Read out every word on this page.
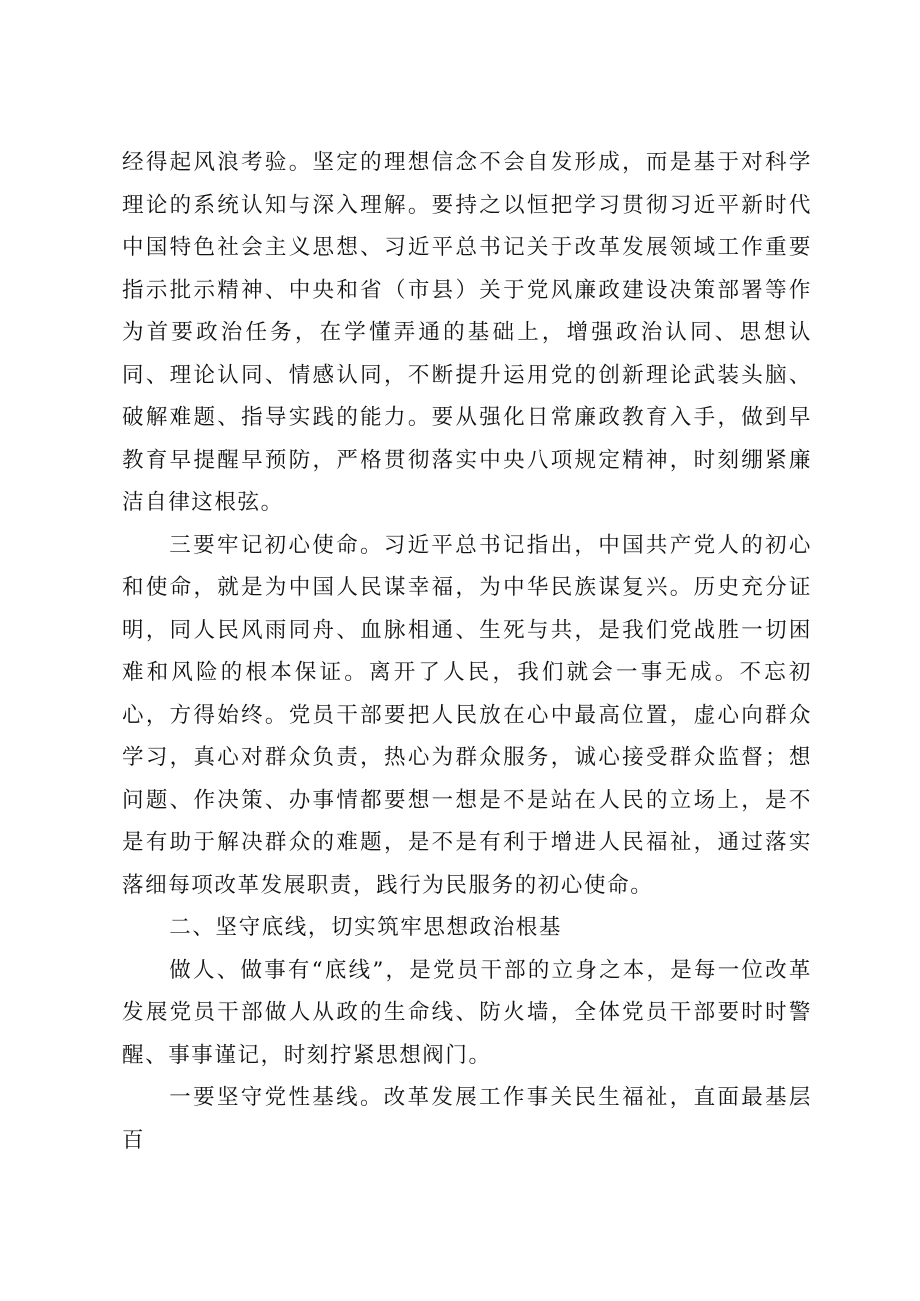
经得起风浪考验。坚定的理想信念不会自发形成，而是基于对科学理论的系统认知与深入理解。要持之以恒把学习贯彻习近平新时代中国特色社会主义思想、习近平总书记关于改革发展领域工作重要指示批示精神、中央和省（市县）关于党风廉政建设决策部署等作为首要政治任务，在学懂弄通的基础上，增强政治认同、思想认同、理论认同、情感认同，不断提升运用党的创新理论武装头脑、破解难题、指导实践的能力。要从强化日常廉政教育入手，做到早教育早提醒早预防，严格贯彻落实中央八项规定精神，时刻绷紧廉洁自律这根弦。

三要牢记初心使命。习近平总书记指出，中国共产党人的初心和使命，就是为中国人民谋幸福，为中华民族谋复兴。历史充分证明，同人民风雨同舟、血脉相通、生死与共，是我们党战胜一切困难和风险的根本保证。离开了人民，我们就会一事无成。不忘初心，方得始终。党员干部要把人民放在心中最高位置，虚心向群众学习，真心对群众负责，热心为群众服务，诚心接受群众监督；想问题、作决策、办事情都要想一想是不是站在人民的立场上，是不是有助于解决群众的难题，是不是有利于增进人民福祉，通过落实落细每项改革发展职责，践行为民服务的初心使命。

二、坚守底线，切实筑牢思想政治根基

做人、做事有“底线”，是党员干部的立身之本，是每一位改革发展党员干部做人从政的生命线、防火墙，全体党员干部要时时警醒、事事谨记，时刻拧紧思想阀门。

一要坚守党性基线。改革发展工作事关民生福祉，直面最基层百
